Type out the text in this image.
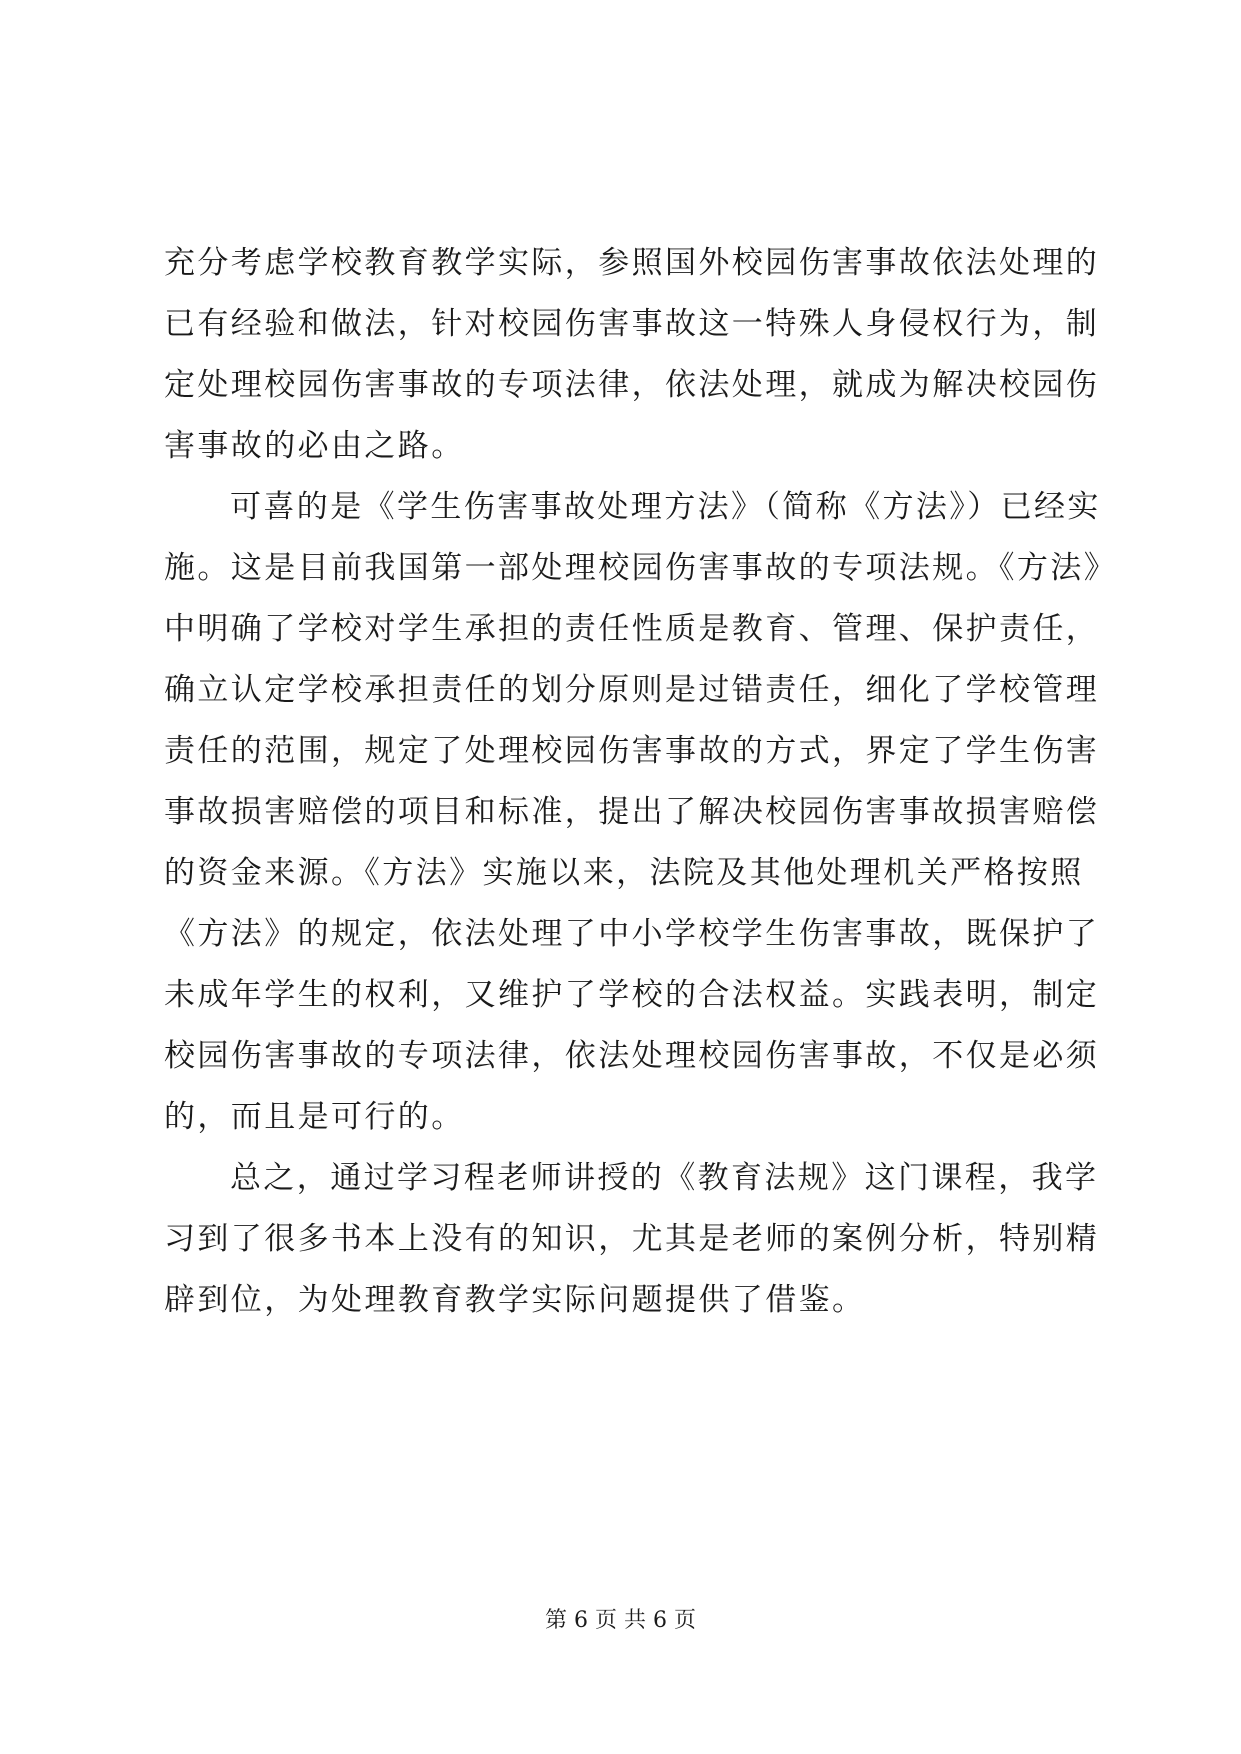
充分考虑学校教育教学实际，参照国外校园伤害事故依法处理的
已有经验和做法，针对校园伤害事故这一特殊人身侵权行为，制
定处理校园伤害事故的专项法律，依法处理，就成为解决校园伤
害事故的必由之路。

可喜的是《学生伤害事故处理方法》（简称《方法》）已经实
施。这是目前我国第一部处理校园伤害事故的专项法规。《方法》
中明确了学校对学生承担的责任性质是教育、管理、保护责任，
确立认定学校承担责任的划分原则是过错责任，细化了学校管理
责任的范围，规定了处理校园伤害事故的方式，界定了学生伤害
事故损害赔偿的项目和标准，提出了解决校园伤害事故损害赔偿
的资金来源。《方法》实施以来，法院及其他处理机关严格按照
《方法》的规定，依法处理了中小学校学生伤害事故，既保护了
未成年学生的权利，又维护了学校的合法权益。实践表明，制定
校园伤害事故的专项法律，依法处理校园伤害事故，不仅是必须
的，而且是可行的。

总之，通过学习程老师讲授的《教育法规》这门课程，我学
习到了很多书本上没有的知识，尤其是老师的案例分析，特别精
辟到位，为处理教育教学实际问题提供了借鉴。

第 6 页 共 6 页
